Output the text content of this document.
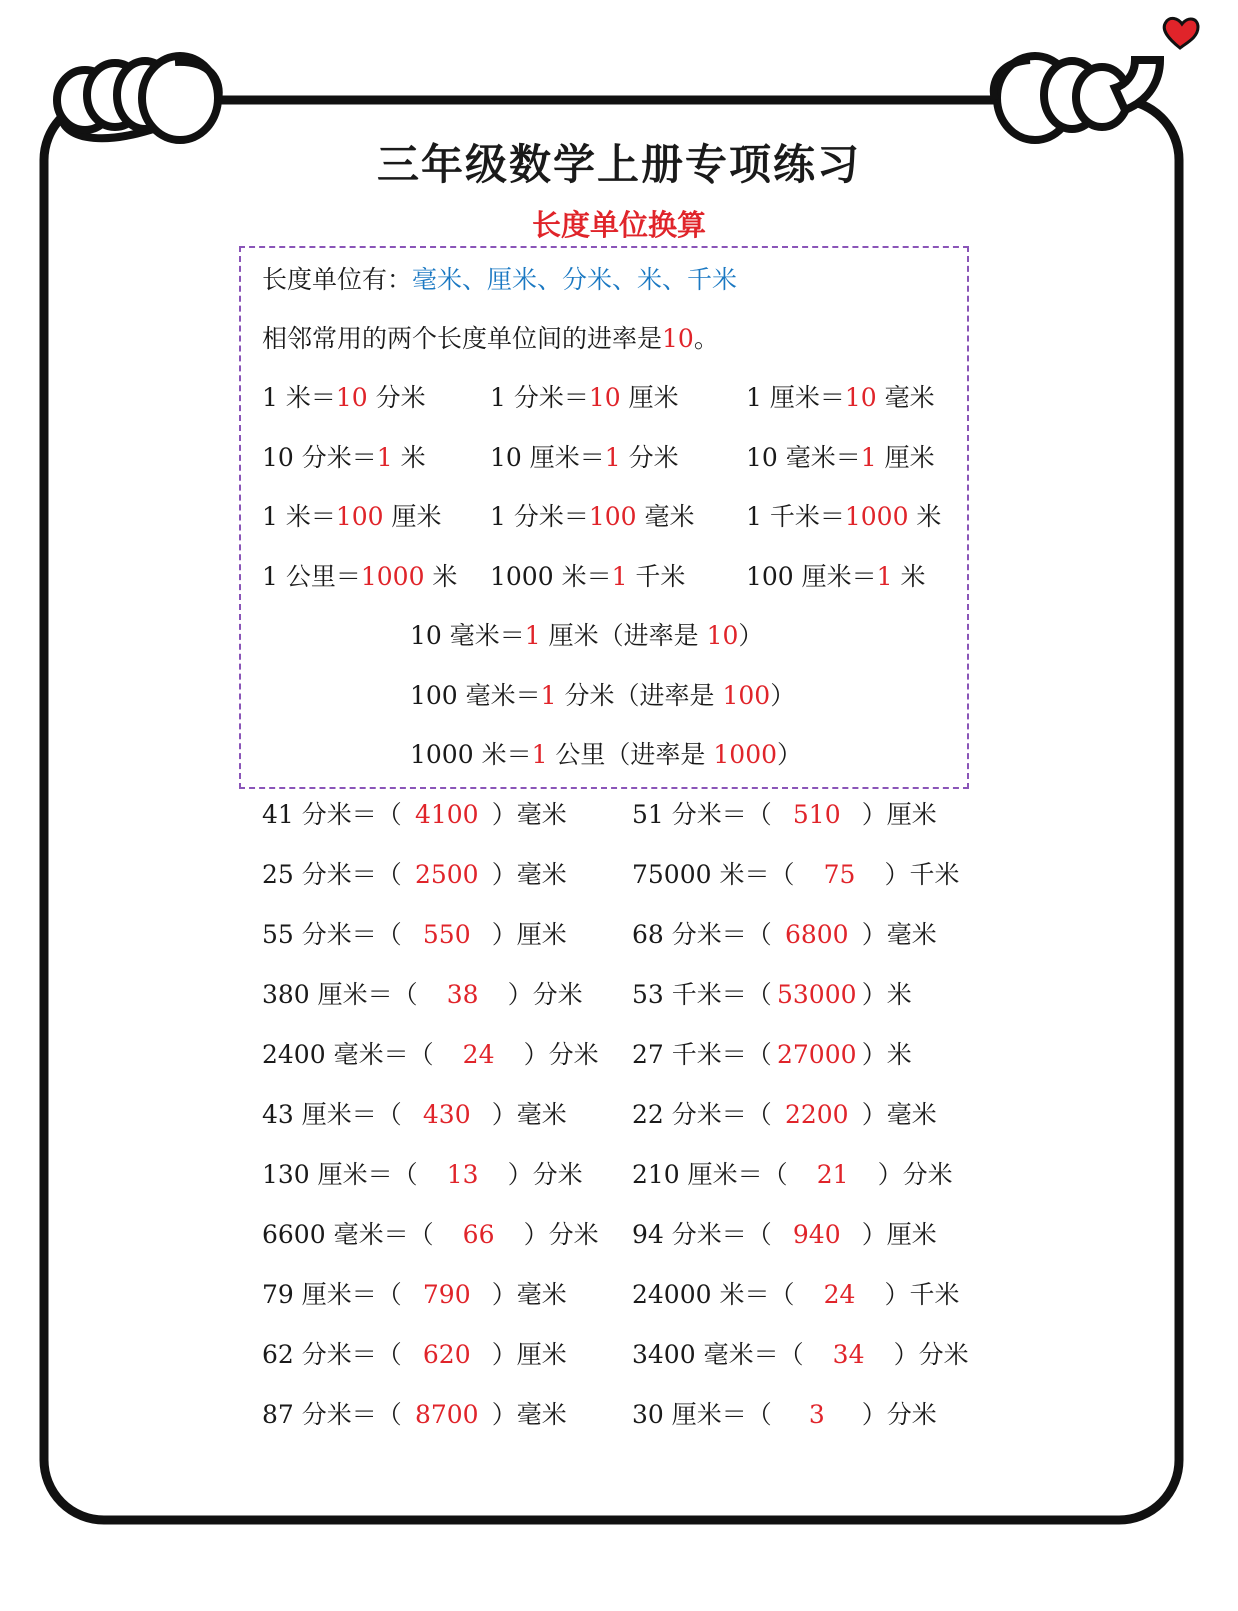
三年级数学上册专项练习
长度单位换算
长度单位有：毫米、厘米、分米、米、千米
相邻常用的两个长度单位间的进率是10。
1 米＝10 分米	1 分米＝10 厘米	1 厘米＝10 毫米
10 分米＝1 米	10 厘米＝1 分米	10 毫米＝1 厘米
1 米＝100 厘米 1 分米＝100 毫米 1 千米＝1000 米
1 公里＝1000 米 1000 米＝1 千米 100 厘米＝1 米
10 毫米＝1 厘米（进率是 10）
100 毫米＝1 分米（进率是 100）
1000 米＝1 公里（进率是 1000）
41 分米＝（ 4100 ）毫米	51 分米＝（ 510 ）厘米
25 分米＝（ 2500 ）毫米	75000 米＝（ 75 ）千米
55 分米＝（ 550 ）厘米	68 分米＝（ 6800 ）毫米
380 厘米＝（ 38 ）分米 53 千米＝（ 53000 ）米
2400 毫米＝（ 24 ）分米 27 千米＝（ 27000 ）米
43 厘米＝（ 430 ）毫米	22 分米＝（ 2200 ）毫米
130 厘米＝（ 13 ）分米 210 厘米＝（ 21 ）分米
6600 毫米＝（ 66 ）分米 94 分米＝（ 940 ）厘米
79 厘米＝（ 790 ）毫米	24000 米＝（ 24 ）千米
62 分米＝（ 620 ）厘米	3400 毫米＝（ 34 ）分米
87 分米＝（ 8700 ）毫米	30 厘米＝（ 3 ）分米
